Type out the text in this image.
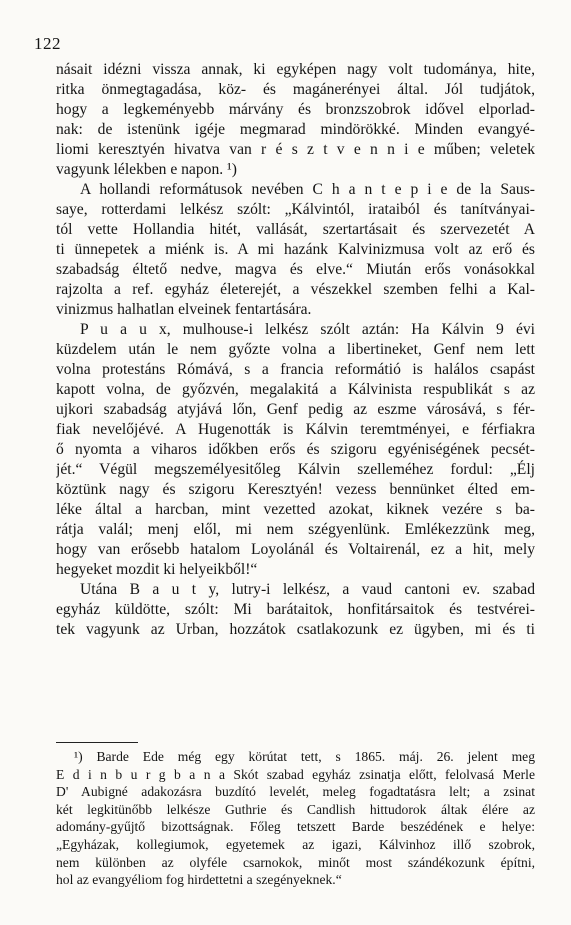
122
násait idézni vissza annak, ki egyképen nagy volt tudománya, hite,
ritka önmegtagadása, köz- és magánerényei által. Jól tudjátok,
hogy a legkeményebb márvány és bronzszobrok idővel elporlad-
nak: de istenünk igéje megmarad mindörökké. Minden evangyé-
liomi keresztyén hivatva van r é s z t v e n n i e műben; veletek
vagyunk lélekben e napon. ¹)
A hollandi reformátusok nevében C h a n t e p i e de la Saus-
saye, rotterdami lelkész szólt: „Kálvintól, irataiból és tanítványai-
tól vette Hollandia hitét, vallását, szertartásait és szervezetét A
ti ünnepetek a miénk is. A mi hazánk Kalvinizmusa volt az erő és
szabadság éltető nedve, magva és elve.“ Miután erős vonásokkal
rajzolta a ref. egyház életerejét, a vészekkel szemben felhi a Kal-
vinizmus halhatlan elveinek fentartására.
P u a u x, mulhouse-i lelkész szólt aztán: Ha Kálvin 9 évi
küzdelem után le nem győzte volna a libertineket, Genf nem lett
volna protestáns Rómává, s a francia reformátió is halálos csapást
kapott volna, de győzvén, megalakitá a Kálvinista respublikát s az
ujkori szabadság atyjává lőn, Genf pedig az eszme városává, s fér-
fiak nevelőjévé. A Hugenották is Kálvin teremtményei, e férfiakra
ő nyomta a viharos időkben erős és szigoru egyéniségének pecsét-
jét.“ Végül megszemélyesitőleg Kálvin szelleméhez fordul: „Élj
köztünk nagy és szigoru Keresztyén! vezess bennünket élted em-
léke által a harcban, mint vezetted azokat, kiknek vezére s ba-
rátja valál; menj elől, mi nem szégyenlünk. Emlékezzünk meg,
hogy van erősebb hatalom Loyolánál és Voltairenál, ez a hit, mely
hegyeket mozdit ki helyeikből!“
Utána B a u t y, lutry-i lelkész, a vaud cantoni ev. szabad
egyház küldötte, szólt: Mi barátaitok, honfitársaitok és testvérei-
tek vagyunk az Urban, hozzátok csatlakozunk ez ügyben, mi és ti
¹) Barde Ede még egy körútat tett, s 1865. máj. 26. jelent meg
E d i n b u r g b a n a Skót szabad egyház zsinatja előtt, felolvasá Merle
D' Aubigné adakozásra buzdító levelét, meleg fogadtatásra lelt; a zsinat
két legkitünőbb lelkésze Guthrie és Candlish hittudorok áltak élére az
adomány-gyűjtő bizottságnak. Főleg tetszett Barde beszédének e helye:
„Egyházak, kollegiumok, egyetemek az igazi, Kálvinhoz illő szobrok,
nem különben az olyféle csarnokok, minőt most szándékozunk építni,
hol az evangyéliom fog hirdettetni a szegényeknek.“
